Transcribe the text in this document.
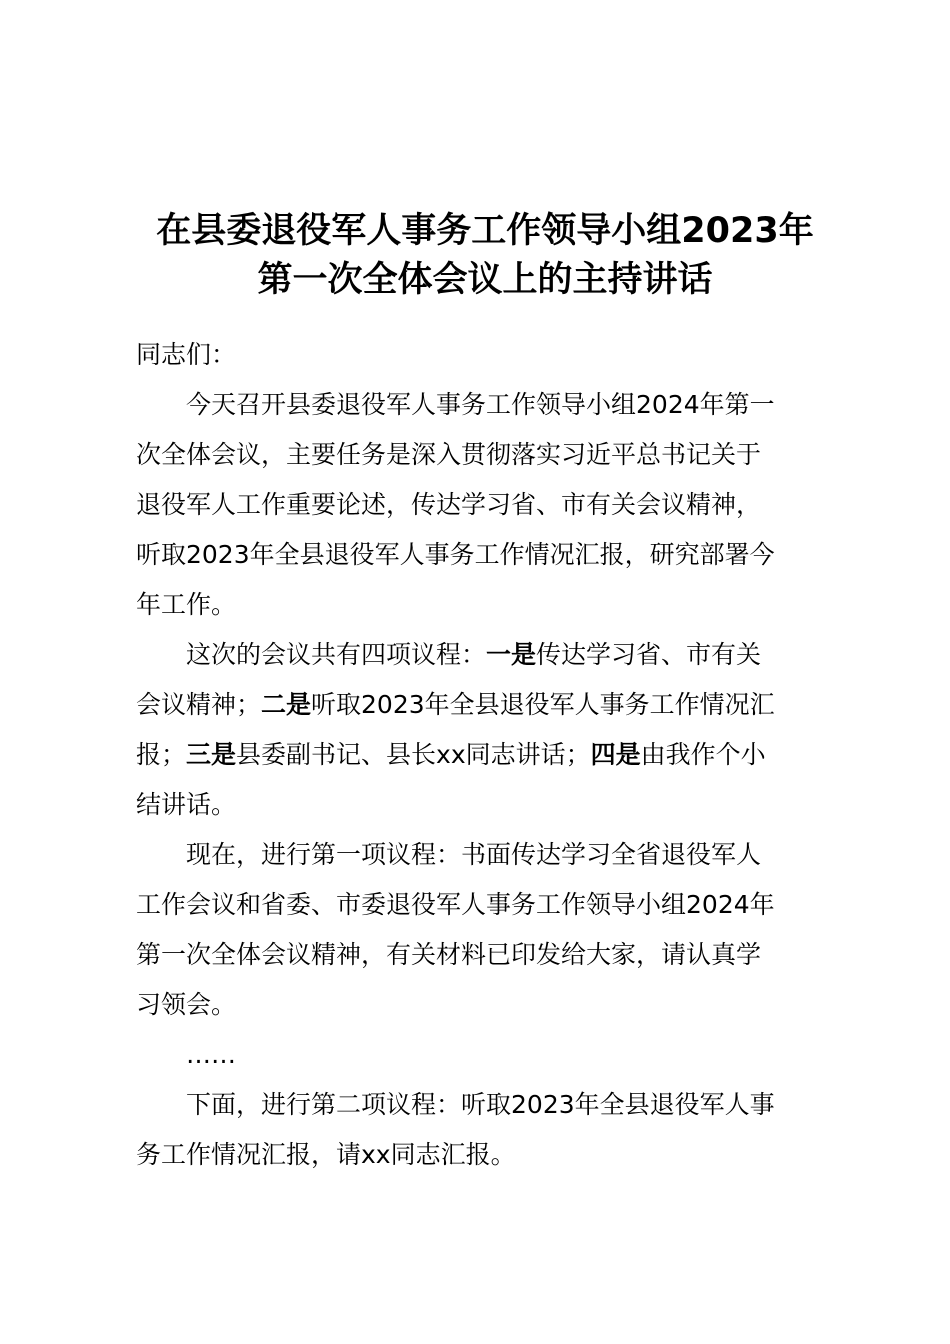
在县委退役军人事务工作领导小组2023年
第一次全体会议上的主持讲话
同志们：
今天召开县委退役军人事务工作领导小组2024年第一
次全体会议，主要任务是深入贯彻落实习近平总书记关于
退役军人工作重要论述，传达学习省、市有关会议精神，
听取2023年全县退役军人事务工作情况汇报，研究部署今
年工作。
这次的会议共有四项议程：一是传达学习省、市有关
会议精神；二是听取2023年全县退役军人事务工作情况汇
报；三是县委副书记、县长xx同志讲话；四是由我作个小
结讲话。
现在，进行第一项议程：书面传达学习全省退役军人
工作会议和省委、市委退役军人事务工作领导小组2024年
第一次全体会议精神，有关材料已印发给大家，请认真学
习领会。
……
下面，进行第二项议程：听取2023年全县退役军人事
务工作情况汇报，请xx同志汇报。
